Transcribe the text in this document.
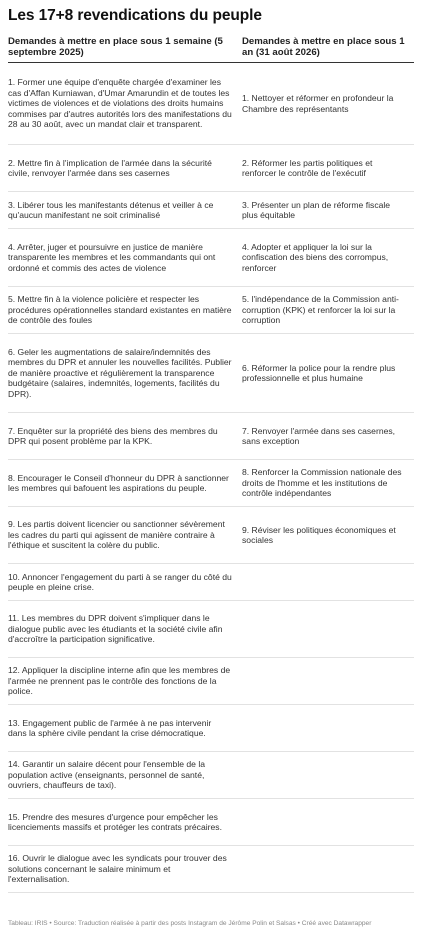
Les 17+8 revendications du peuple
Demandes à mettre en place sous 1 semaine (5 septembre 2025)	Demandes à mettre en place sous 1 an (31 août 2026)
1. Former une équipe d'enquête chargée d'examiner les cas d'Affan Kurniawan, d'Umar Amarundin et de toutes les victimes de violences et de violations des droits humains commises par d'autres autorités lors des manifestations du 28 au 30 août, avec un mandat clair et transparent.	1. Nettoyer et réformer en profondeur la Chambre des représentants
2. Mettre fin à l'implication de l'armée dans la sécurité civile, renvoyer l'armée dans ses casernes	2. Réformer les partis politiques et renforcer le contrôle de l'exécutif
3. Libérer tous les manifestants détenus et veiller à ce qu'aucun manifestant ne soit criminalisé	3. Présenter un plan de réforme fiscale plus équitable
4. Arrêter, juger et poursuivre en justice de manière transparente les membres et les commandants qui ont ordonné et commis des actes de violence	4. Adopter et appliquer la loi sur la confiscation des biens des corrompus, renforcer
5. Mettre fin à la violence policière et respecter les procédures opérationnelles standard existantes en matière de contrôle des foules	5. l'indépendance de la Commission anti-corruption (KPK) et renforcer la loi sur la corruption
6. Geler les augmentations de salaire/indemnités des membres du DPR et annuler les nouvelles facilités. Publier de manière proactive et régulièrement la transparence budgétaire (salaires, indemnités, logements, facilités du DPR).	6. Réformer la police pour la rendre plus professionnelle et plus humaine
7. Enquêter sur la propriété des biens des membres du DPR qui posent problème par la KPK.	7. Renvoyer l'armée dans ses casernes, sans exception
8. Encourager le Conseil d'honneur du DPR à sanctionner les membres qui bafouent les aspirations du peuple.	8. Renforcer la Commission nationale des droits de l'homme et les institutions de contrôle indépendantes
9. Les partis doivent licencier ou sanctionner sévèrement les cadres du parti qui agissent de manière contraire à l'éthique et suscitent la colère du public.	9. Réviser les politiques économiques et sociales
10. Annoncer l'engagement du parti à se ranger du côté du peuple en pleine crise.	
11. Les membres du DPR doivent s'impliquer dans le dialogue public avec les étudiants et la société civile afin d'accroître la participation significative.	
12. Appliquer la discipline interne afin que les membres de l'armée ne prennent pas le contrôle des fonctions de la police.	
13. Engagement public de l'armée à ne pas intervenir dans la sphère civile pendant la crise démocratique.	
14. Garantir un salaire décent pour l'ensemble de la population active (enseignants, personnel de santé, ouvriers, chauffeurs de taxi).	
15. Prendre des mesures d'urgence pour empêcher les licenciements massifs et protéger les contrats précaires.	
16. Ouvrir le dialogue avec les syndicats pour trouver des solutions concernant le salaire minimum et l'externalisation.	
Tableau: IRIS • Source: Traduction réalisée à partir des posts Instagram de Jérôme Polin et Salsas • Créé avec Datawrapper
